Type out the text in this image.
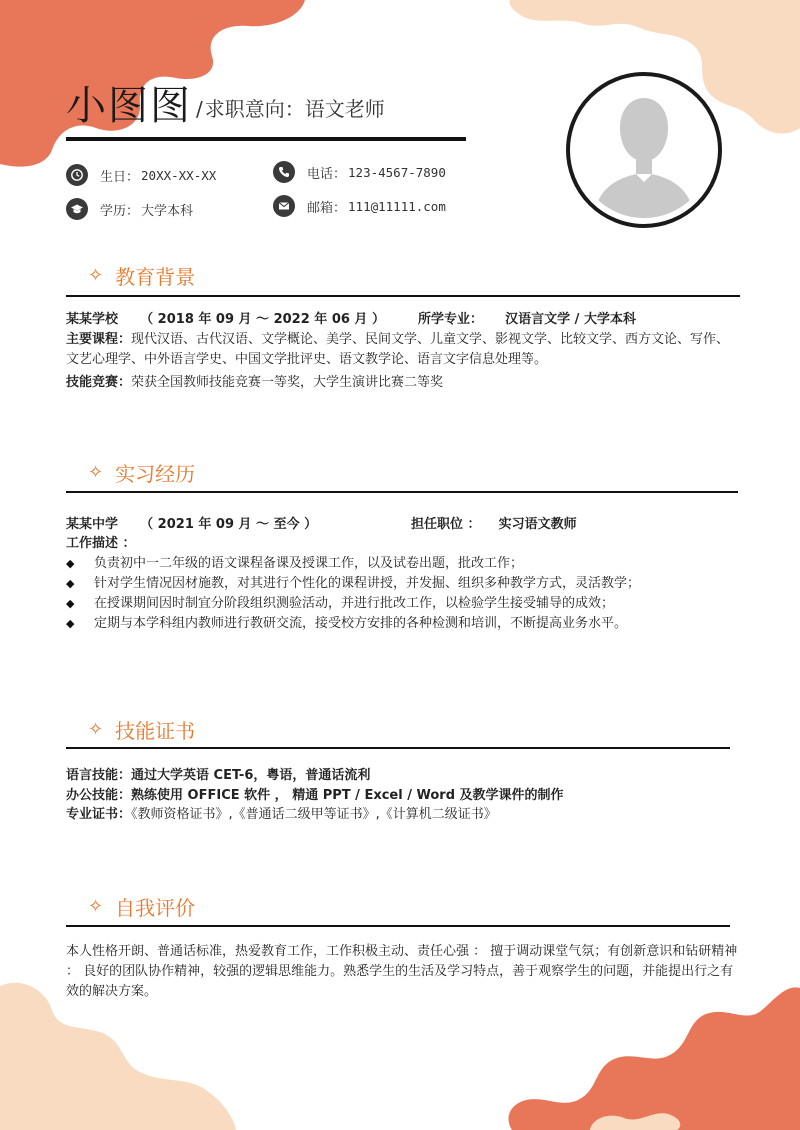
小图图 / 求职意向：语文老师
生日： 20XX-XX-XX	电话： 123-4567-7890
学历： 大学本科	邮箱： 111@11111.com
✧ 教育背景
某某学校 （ 2018 年 09 月 ～ 2022 年 06 月 ）	所学专业： 汉语言文学 / 大学本科
主要课程：现代汉语、古代汉语、文学概论、美学、民间文学、儿童文学、影视文学、比较文学、西方文论、写作、文艺心理学、中外语言学史、中国文学批评史、语文教学论、语言文字信息处理等。
技能竞赛：荣获全国教师技能竞赛一等奖，大学生演讲比赛二等奖
✧ 实习经历
某某中学 （ 2021 年 09 月 ～ 至今 ）	担任职位 ： 实习语文教师
工作描述 ：
◆	负责初中一二年级的语文课程备课及授课工作，以及试卷出题，批改工作；
◆	针对学生情况因材施教，对其进行个性化的课程讲授，并发掘、组织多种教学方式，灵活教学；
◆	在授课期间因时制宜分阶段组织测验活动，并进行批改工作，以检验学生接受辅导的成效；
◆	定期与本学科组内教师进行教研交流，接受校方安排的各种检测和培训，不断提高业务水平。
✧ 技能证书
语言技能：通过大学英语 CET-6，粤语，普通话流利
办公技能：熟练使用 OFFICE 软件 ， 精通 PPT / Excel / Word 及教学课件的制作
专业证书：《教师资格证书》,《普通话二级甲等证书》,《计算机二级证书》
✧ 自我评价
本人性格开朗、普通话标准，热爱教育工作，工作积极主动、责任心强 ： 擅于调动课堂气氛；有创新意识和钻研精神 ： 良好的团队协作精神，较强的逻辑思维能力。熟悉学生的生活及学习特点，善于观察学生的问题，并能提出行之有效的解决方案。
